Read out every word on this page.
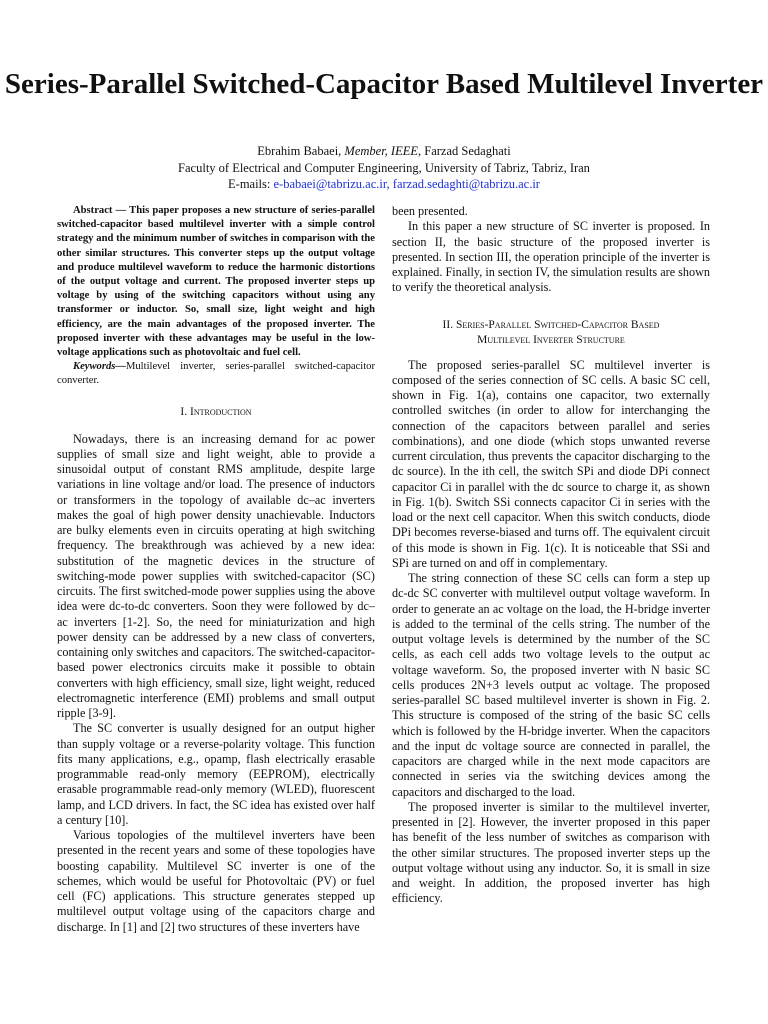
Series-Parallel Switched-Capacitor Based Multilevel Inverter
Ebrahim Babaei, Member, IEEE, Farzad Sedaghati
Faculty of Electrical and Computer Engineering, University of Tabriz, Tabriz, Iran
E-mails: e-babaei@tabrizu.ac.ir, farzad.sedaghti@tabrizu.ac.ir

Abstract — This paper proposes a new structure of series-parallel switched-capacitor based multilevel inverter with a simple control strategy and the minimum number of switches in comparison with the other similar structures. This converter steps up the output voltage and produce multilevel waveform to reduce the harmonic distortions of the output voltage and current. The proposed inverter steps up voltage by using of the switching capacitors without using any transformer or inductor. So, small size, light weight and high efficiency, are the main advantages of the proposed inverter. The proposed inverter with these advantages may be useful in the low-voltage applications such as photovoltaic and fuel cell.

Keywords—Multilevel inverter, series-parallel switched-capacitor converter.

I. Introduction

Nowadays, there is an increasing demand for ac power supplies of small size and light weight, able to provide a sinusoidal output of constant RMS amplitude, despite large variations in line voltage and/or load. The presence of inductors or transformers in the topology of available dc–ac inverters makes the goal of high power density unachievable. Inductors are bulky elements even in circuits operating at high switching frequency. The breakthrough was achieved by a new idea: substitution of the magnetic devices in the structure of switching-mode power supplies with switched-capacitor (SC) circuits. The first switched-mode power supplies using the above idea were dc-to-dc converters. Soon they were followed by dc–ac inverters [1-2]. So, the need for miniaturization and high power density can be addressed by a new class of converters, containing only switches and capacitors. The switched-capacitor-based power electronics circuits make it possible to obtain converters with high efficiency, small size, light weight, reduced electromagnetic interference (EMI) problems and small output ripple [3-9].

The SC converter is usually designed for an output higher than supply voltage or a reverse-polarity voltage. This function fits many applications, e.g., opamp, flash electrically erasable programmable read-only memory (EEPROM), electrically erasable programmable read-only memory (WLED), fluorescent lamp, and LCD drivers. In fact, the SC idea has existed over half a century [10].

Various topologies of the multilevel inverters have been presented in the recent years and some of these topologies have boosting capability. Multilevel SC inverter is one of the schemes, which would be useful for Photovoltaic (PV) or fuel cell (FC) applications. This structure generates stepped up multilevel output voltage using of the capacitors charge and discharge. In [1] and [2] two structures of these inverters have

been presented.

In this paper a new structure of SC inverter is proposed. In section II, the basic structure of the proposed inverter is presented. In section III, the operation principle of the inverter is explained. Finally, in section IV, the simulation results are shown to verify the theoretical analysis.

II. Series-Parallel Switched-Capacitor Based
Multilevel Inverter Structure

The proposed series-parallel SC multilevel inverter is composed of the series connection of SC cells. A basic SC cell, shown in Fig. 1(a), contains one capacitor, two externally controlled switches (in order to allow for interchanging the connection of the capacitors between parallel and series combinations), and one diode (which stops unwanted reverse current circulation, thus prevents the capacitor discharging to the dc source). In the ith cell, the switch SPi and diode DPi connect capacitor Ci in parallel with the dc source to charge it, as shown in Fig. 1(b). Switch SSi connects capacitor Ci in series with the load or the next cell capacitor. When this switch conducts, diode DPi becomes reverse-biased and turns off. The equivalent circuit of this mode is shown in Fig. 1(c). It is noticeable that SSi and SPi are turned on and off in complementary.

The string connection of these SC cells can form a step up dc-dc SC converter with multilevel output voltage waveform. In order to generate an ac voltage on the load, the H-bridge inverter is added to the terminal of the cells string. The number of the output voltage levels is determined by the number of the SC cells, as each cell adds two voltage levels to the output ac voltage waveform. So, the proposed inverter with N basic SC cells produces 2N+3 levels output ac voltage. The proposed series-parallel SC based multilevel inverter is shown in Fig. 2. This structure is composed of the string of the basic SC cells which is followed by the H-bridge inverter. When the capacitors and the input dc voltage source are connected in parallel, the capacitors are charged while in the next mode capacitors are connected in series via the switching devices among the capacitors and discharged to the load.

The proposed inverter is similar to the multilevel inverter, presented in [2]. However, the inverter proposed in this paper has benefit of the less number of switches as comparison with the other similar structures. The proposed inverter steps up the output voltage without using any inductor. So, it is small in size and weight. In addition, the proposed inverter has high efficiency.
